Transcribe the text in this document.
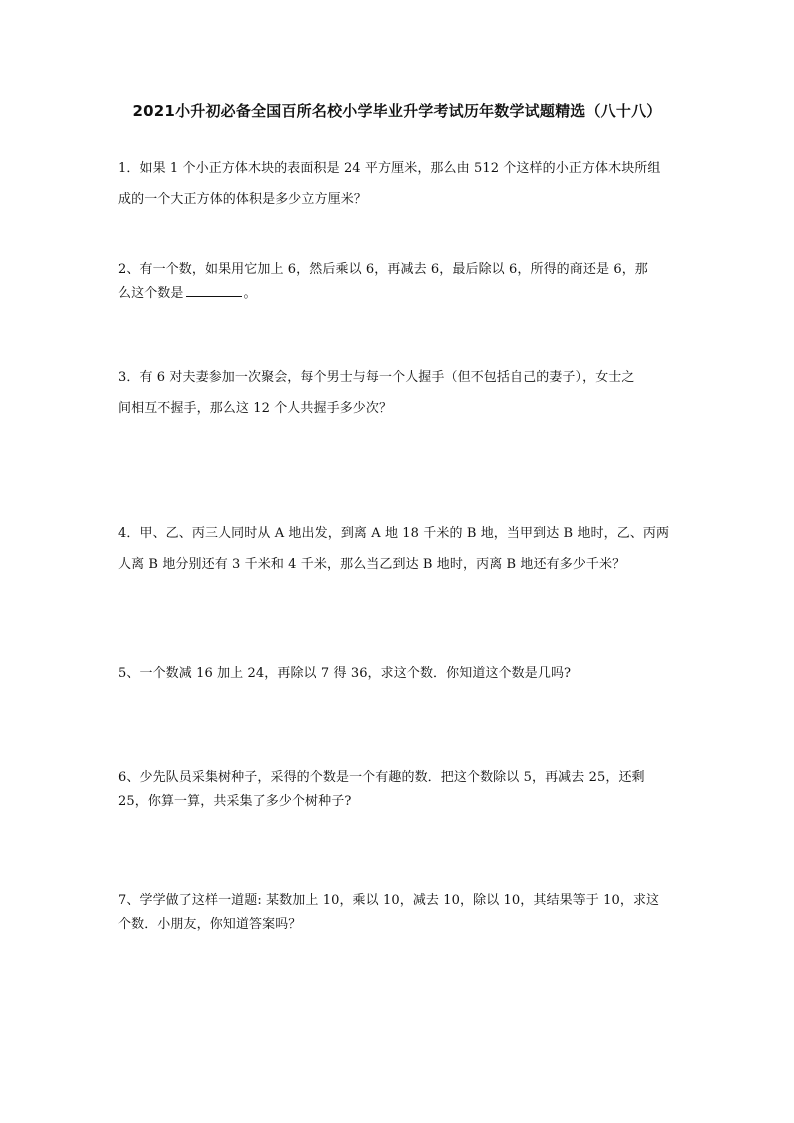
2021小升初必备全国百所名校小学毕业升学考试历年数学试题精选（八十八）
1．如果 1 个小正方体木块的表面积是 24 平方厘米，那么由 512 个这样的小正方体木块所组
成的一个大正方体的体积是多少立方厘米？
2、有一个数，如果用它加上 6，然后乘以 6，再减去 6，最后除以 6，所得的商还是 6，那
么这个数是	。
3．有 6 对夫妻参加一次聚会，每个男士与每一个人握手（但不包括自己的妻子），女士之
间相互不握手，那么这 12 个人共握手多少次？
4．甲、乙、丙三人同时从 A 地出发，到离 A 地 18 千米的 B 地，当甲到达 B 地时，乙、丙两
人离 B 地分别还有 3 千米和 4 千米，那么当乙到达 B 地时，丙离 B 地还有多少千米？
5、一个数减 16 加上 24，再除以 7 得 36，求这个数．你知道这个数是几吗?
6、少先队员采集树种子，采得的个数是一个有趣的数．把这个数除以 5，再减去 25，还剩
25，你算一算，共采集了多少个树种子?
7、学学做了这样一道题: 某数加上 10，乘以 10，减去 10，除以 10，其结果等于 10，求这
个数．小朋友，你知道答案吗？
